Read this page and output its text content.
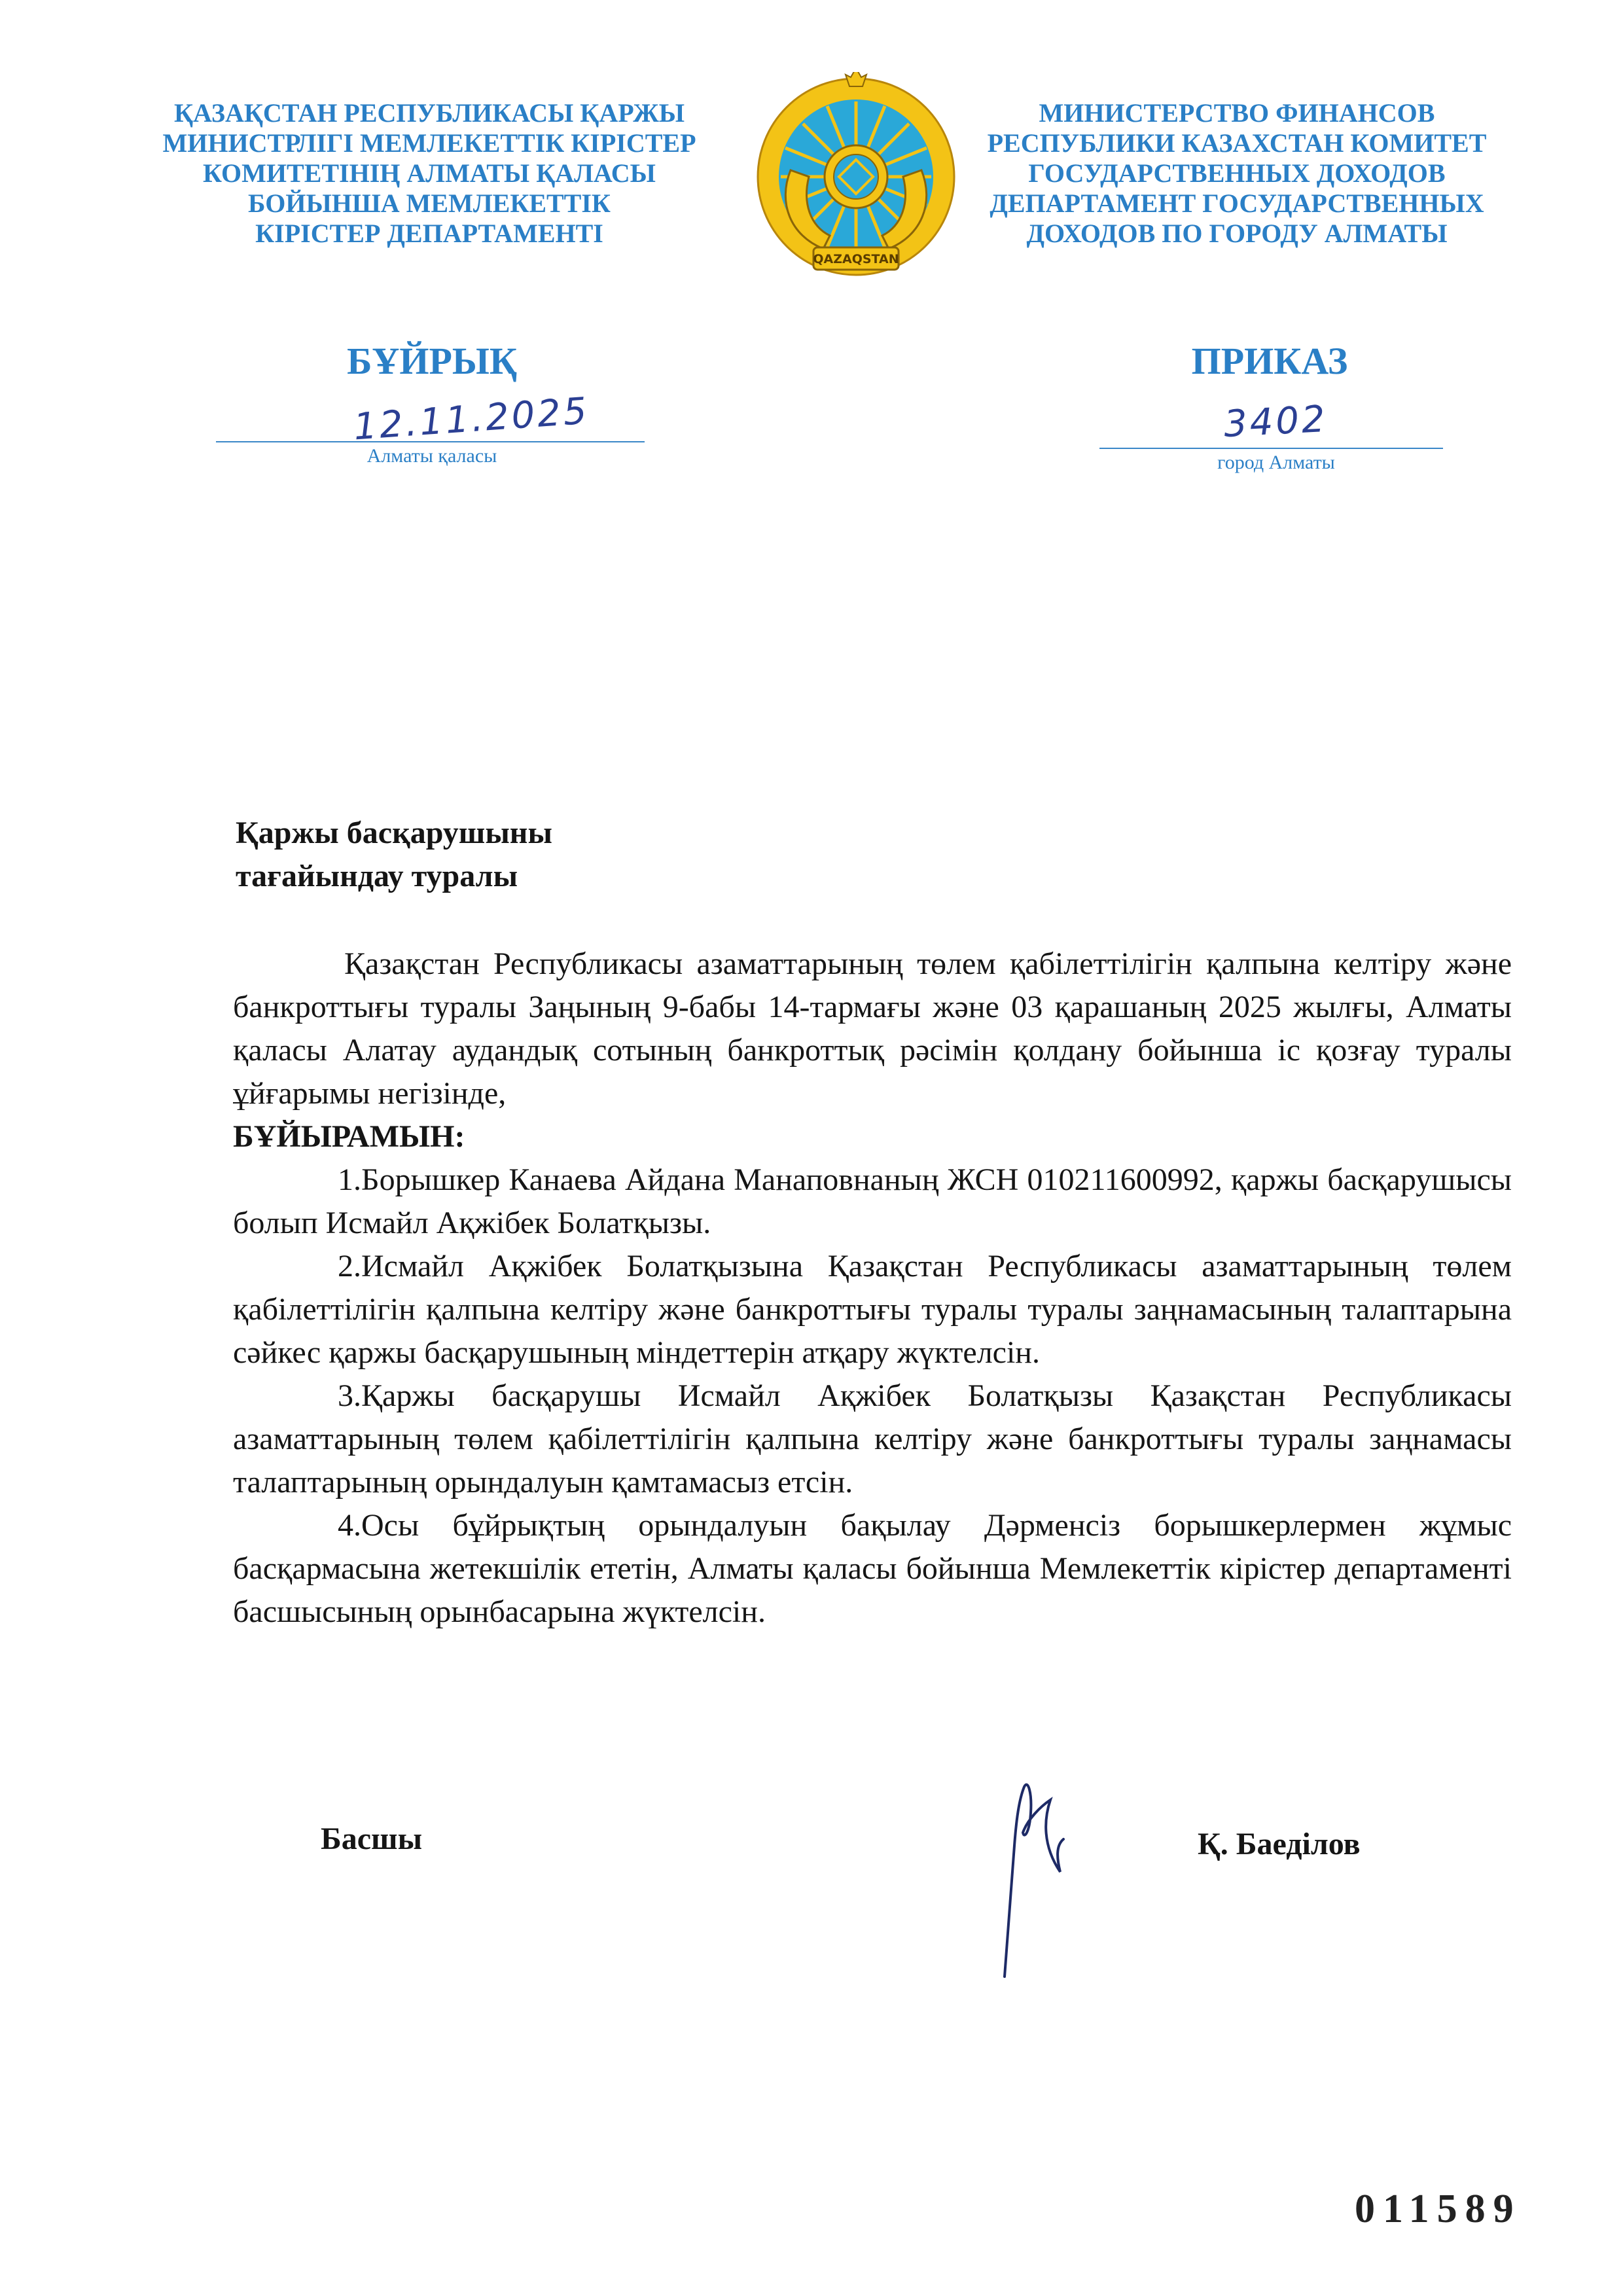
ҚАЗАҚСТАН РЕСПУБЛИКАСЫ ҚАРЖЫ
МИНИСТРЛІГІ МЕМЛЕКЕТТІК КІРІСТЕР
КОМИТЕТІНІҢ АЛМАТЫ ҚАЛАСЫ
БОЙЫНША МЕМЛЕКЕТТІК
КІРІСТЕР ДЕПАРТАМЕНТІ
QAZAQSTAN
МИНИСТЕРСТВО ФИНАНСОВ
РЕСПУБЛИКИ КАЗАХСТАН КОМИТЕТ
ГОСУДАРСТВЕННЫХ ДОХОДОВ
ДЕПАРТАМЕНТ ГОСУДАРСТВЕННЫХ
ДОХОДОВ ПО ГОРОДУ АЛМАТЫ
БҰЙРЫҚ	ПРИКАЗ
12.11.2025	3402
Алматы қаласы	город Алматы
Қаржы басқарушыны
тағайындау туралы

Қазақстан Республикасы азаматтарының төлем қабілеттілігін қалпына келтіру және банкроттығы туралы Заңының 9-бабы 14-тармағы және 03 қарашаның 2025 жылғы, Алматы қаласы Алатау аудандық сотының банкроттық рәсімін қолдану бойынша іс қозғау туралы ұйғарымы негізінде,
БҰЙЫРАМЫН:

1.Борышкер Канаева Айдана Манаповнаның ЖСН 010211600992, қаржы басқарушысы болып Исмайл Ақжібек Болатқызы.

2.Исмайл Ақжібек Болатқызына Қазақстан Республикасы азаматтарының төлем қабілеттілігін қалпына келтіру және банкроттығы туралы туралы заңнамасының талаптарына сәйкес қаржы басқарушының міндеттерін атқару жүктелсін.

3.Қаржы басқарушы Исмайл Ақжібек Болатқызы Қазақстан Республикасы азаматтарының төлем қабілеттілігін қалпына келтіру және банкроттығы туралы заңнамасы талаптарының орындалуын қамтамасыз етсін.

4.Осы бұйрықтың орындалуын бақылау Дәрменсіз борышкерлермен жұмыс басқармасына жетекшілік ететін, Алматы қаласы бойынша Мемлекеттік кірістер департаменті басшысының орынбасарына жүктелсін.

Басшы	Қ. Баеділов
011589
